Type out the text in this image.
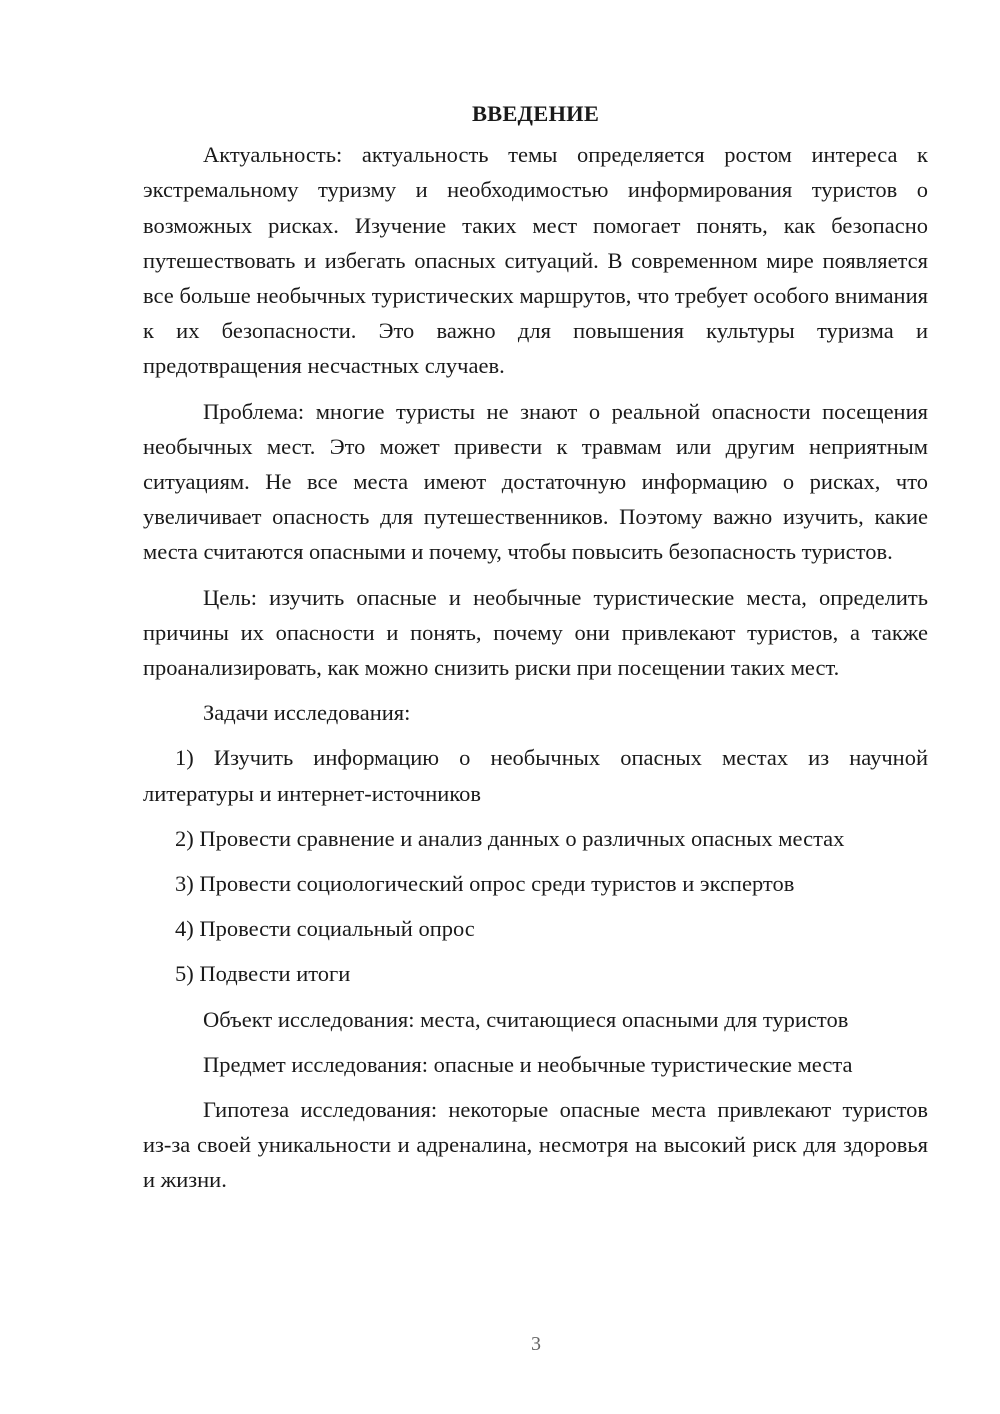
ВВЕДЕНИЕ

Актуальность: актуальность темы определяется ростом интереса к экстремальному туризму и необходимостью информирования туристов о возможных рисках. Изучение таких мест помогает понять, как безопасно путешествовать и избегать опасных ситуаций. В современном мире появляется все больше необычных туристических маршрутов, что требует особого внимания к их безопасности. Это важно для повышения культуры туризма и предотвращения несчастных случаев.

Проблема: многие туристы не знают о реальной опасности посещения необычных мест. Это может привести к травмам или другим неприятным ситуациям. Не все места имеют достаточную информацию о рисках, что увеличивает опасность для путешественников. Поэтому важно изучить, какие места считаются опасными и почему, чтобы повысить безопасность туристов.

Цель: изучить опасные и необычные туристические места, определить причины их опасности и понять, почему они привлекают туристов, а также проанализировать, как можно снизить риски при посещении таких мест.

Задачи исследования:

1) Изучить информацию о необычных опасных местах из научной литературы и интернет-источников

2) Провести сравнение и анализ данных о различных опасных местах

3) Провести социологический опрос среди туристов и экспертов

4) Провести социальный опрос

5) Подвести итоги

Объект исследования: места, считающиеся опасными для туристов

Предмет исследования: опасные и необычные туристические места

Гипотеза исследования: некоторые опасные места привлекают туристов из-за своей уникальности и адреналина, несмотря на высокий риск для здоровья и жизни.

3
